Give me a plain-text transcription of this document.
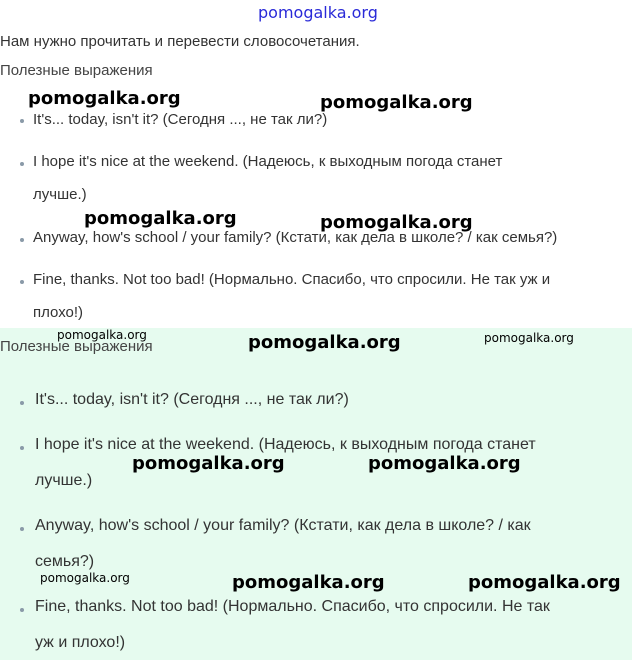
pomogalka.org
Нам нужно прочитать и перевести словосочетания.
Полезные выражения
It's... today, isn't it? (Сегодня ..., не так ли?)
I hope it's nice at the weekend. (Надеюсь, к выходным погода станет
лучше.)
Anyway, how's school / your family? (Кстати, как дела в школе? / как семья?)
Fine, thanks. Not too bad! (Нормально. Спасибо, что спросили. Не так уж и
плохо!)
Полезные выражения
It's... today, isn't it? (Сегодня ..., не так ли?)
I hope it's nice at the weekend. (Надеюсь, к выходным погода станет
лучше.)
Anyway, how's school / your family? (Кстати, как дела в школе? / как
семья?)
Fine, thanks. Not too bad! (Нормально. Спасибо, что спросили. Не так
уж и плохо!)
pomogalka.org	pomogalka.org
pomogalka.org	pomogalka.org
pomogalka.org	pomogalka.org	pomogalka.org
pomogalka.org	pomogalka.org
pomogalka.org	pomogalka.org	pomogalka.org
